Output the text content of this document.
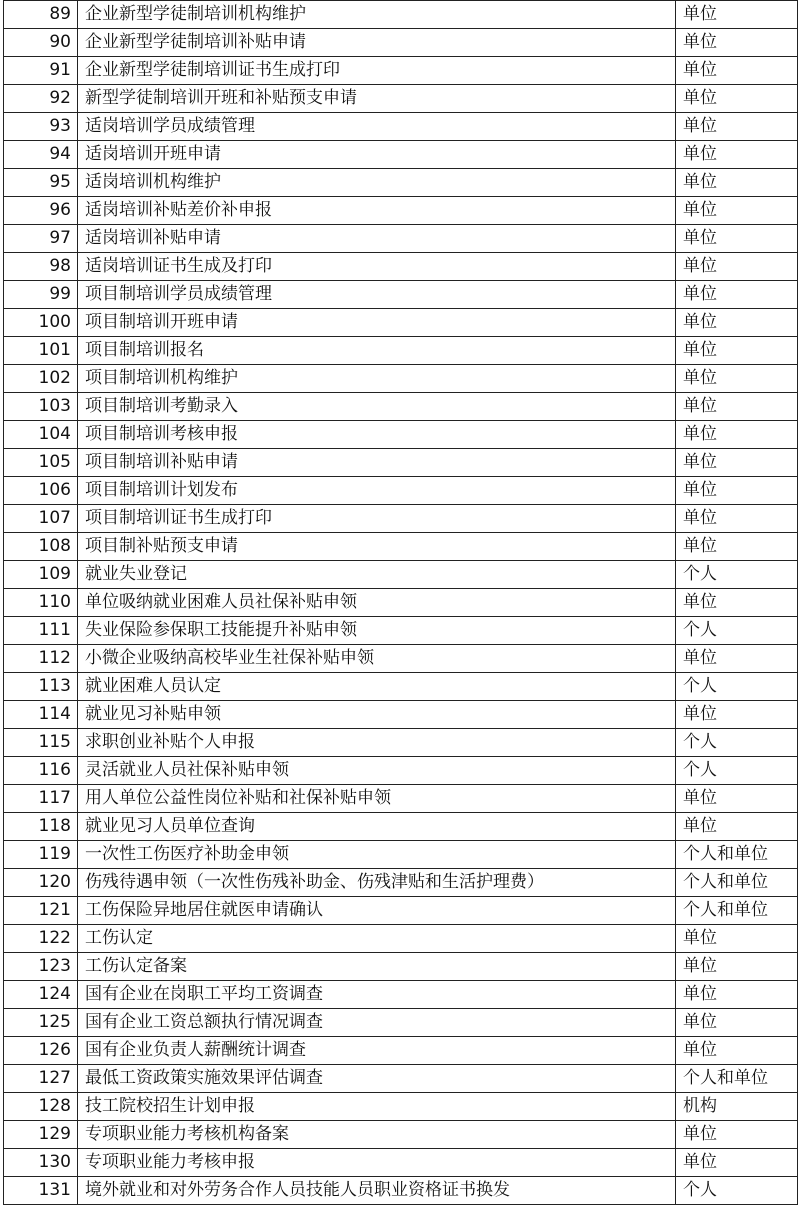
89	企业新型学徒制培训机构维护	单位
90	企业新型学徒制培训补贴申请	单位
91	企业新型学徒制培训证书生成打印	单位
92	新型学徒制培训开班和补贴预支申请	单位
93	适岗培训学员成绩管理	单位
94	适岗培训开班申请	单位
95	适岗培训机构维护	单位
96	适岗培训补贴差价补申报	单位
97	适岗培训补贴申请	单位
98	适岗培训证书生成及打印	单位
99	项目制培训学员成绩管理	单位
100	项目制培训开班申请	单位
101	项目制培训报名	单位
102	项目制培训机构维护	单位
103	项目制培训考勤录入	单位
104	项目制培训考核申报	单位
105	项目制培训补贴申请	单位
106	项目制培训计划发布	单位
107	项目制培训证书生成打印	单位
108	项目制补贴预支申请	单位
109	就业失业登记	个人
110	单位吸纳就业困难人员社保补贴申领	单位
111	失业保险参保职工技能提升补贴申领	个人
112	小微企业吸纳高校毕业生社保补贴申领	单位
113	就业困难人员认定	个人
114	就业见习补贴申领	单位
115	求职创业补贴个人申报	个人
116	灵活就业人员社保补贴申领	个人
117	用人单位公益性岗位补贴和社保补贴申领	单位
118	就业见习人员单位查询	单位
119	一次性工伤医疗补助金申领	个人和单位
120	伤残待遇申领（一次性伤残补助金、伤残津贴和生活护理费）	个人和单位
121	工伤保险异地居住就医申请确认	个人和单位
122	工伤认定	单位
123	工伤认定备案	单位
124	国有企业在岗职工平均工资调查	单位
125	国有企业工资总额执行情况调查	单位
126	国有企业负责人薪酬统计调查	单位
127	最低工资政策实施效果评估调查	个人和单位
128	技工院校招生计划申报	机构
129	专项职业能力考核机构备案	单位
130	专项职业能力考核申报	单位
131	境外就业和对外劳务合作人员技能人员职业资格证书换发	个人
